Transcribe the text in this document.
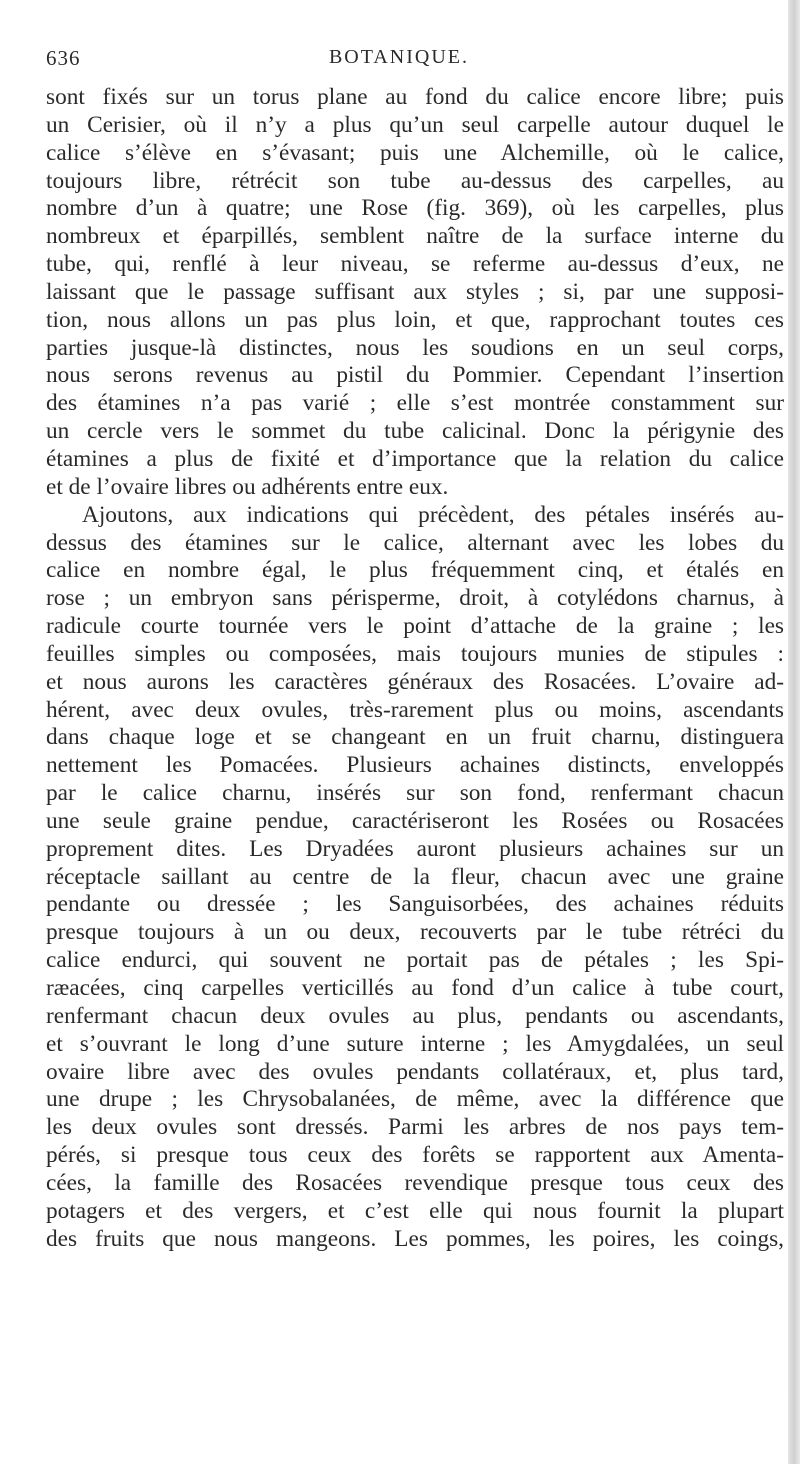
636	BOTANIQUE.
sont fixés sur un torus plane au fond du calice encore libre; puis
un Cerisier, où il n’y a plus qu’un seul carpelle autour duquel le
calice s’élève en s’évasant; puis une Alchemille, où le calice,
toujours libre, rétrécit son tube au-dessus des carpelles, au
nombre d’un à quatre; une Rose (fig. 369), où les carpelles, plus
nombreux et éparpillés, semblent naître de la surface interne du
tube, qui, renflé à leur niveau, se referme au-dessus d’eux, ne
laissant que le passage suffisant aux styles ; si, par une supposi-
tion, nous allons un pas plus loin, et que, rapprochant toutes ces
parties jusque-là distinctes, nous les soudions en un seul corps,
nous serons revenus au pistil du Pommier. Cependant l’insertion
des étamines n’a pas varié ; elle s’est montrée constamment sur
un cercle vers le sommet du tube calicinal. Donc la périgynie des
étamines a plus de fixité et d’importance que la relation du calice
et de l’ovaire libres ou adhérents entre eux.
Ajoutons, aux indications qui précèdent, des pétales insérés au-
dessus des étamines sur le calice, alternant avec les lobes du
calice en nombre égal, le plus fréquemment cinq, et étalés en
rose ; un embryon sans périsperme, droit, à cotylédons charnus, à
radicule courte tournée vers le point d’attache de la graine ; les
feuilles simples ou composées, mais toujours munies de stipules :
et nous aurons les caractères généraux des Rosacées. L’ovaire ad-
hérent, avec deux ovules, très-rarement plus ou moins, ascendants
dans chaque loge et se changeant en un fruit charnu, distinguera
nettement les Pomacées. Plusieurs achaines distincts, enveloppés
par le calice charnu, insérés sur son fond, renfermant chacun
une seule graine pendue, caractériseront les Rosées ou Rosacées
proprement dites. Les Dryadées auront plusieurs achaines sur un
réceptacle saillant au centre de la fleur, chacun avec une graine
pendante ou dressée ; les Sanguisorbées, des achaines réduits
presque toujours à un ou deux, recouverts par le tube rétréci du
calice endurci, qui souvent ne portait pas de pétales ; les Spi-
ræacées, cinq carpelles verticillés au fond d’un calice à tube court,
renfermant chacun deux ovules au plus, pendants ou ascendants,
et s’ouvrant le long d’une suture interne ; les Amygdalées, un seul
ovaire libre avec des ovules pendants collatéraux, et, plus tard,
une drupe ; les Chrysobalanées, de même, avec la différence que
les deux ovules sont dressés. Parmi les arbres de nos pays tem-
pérés, si presque tous ceux des forêts se rapportent aux Amenta-
cées, la famille des Rosacées revendique presque tous ceux des
potagers et des vergers, et c’est elle qui nous fournit la plupart
des fruits que nous mangeons. Les pommes, les poires, les coings,
